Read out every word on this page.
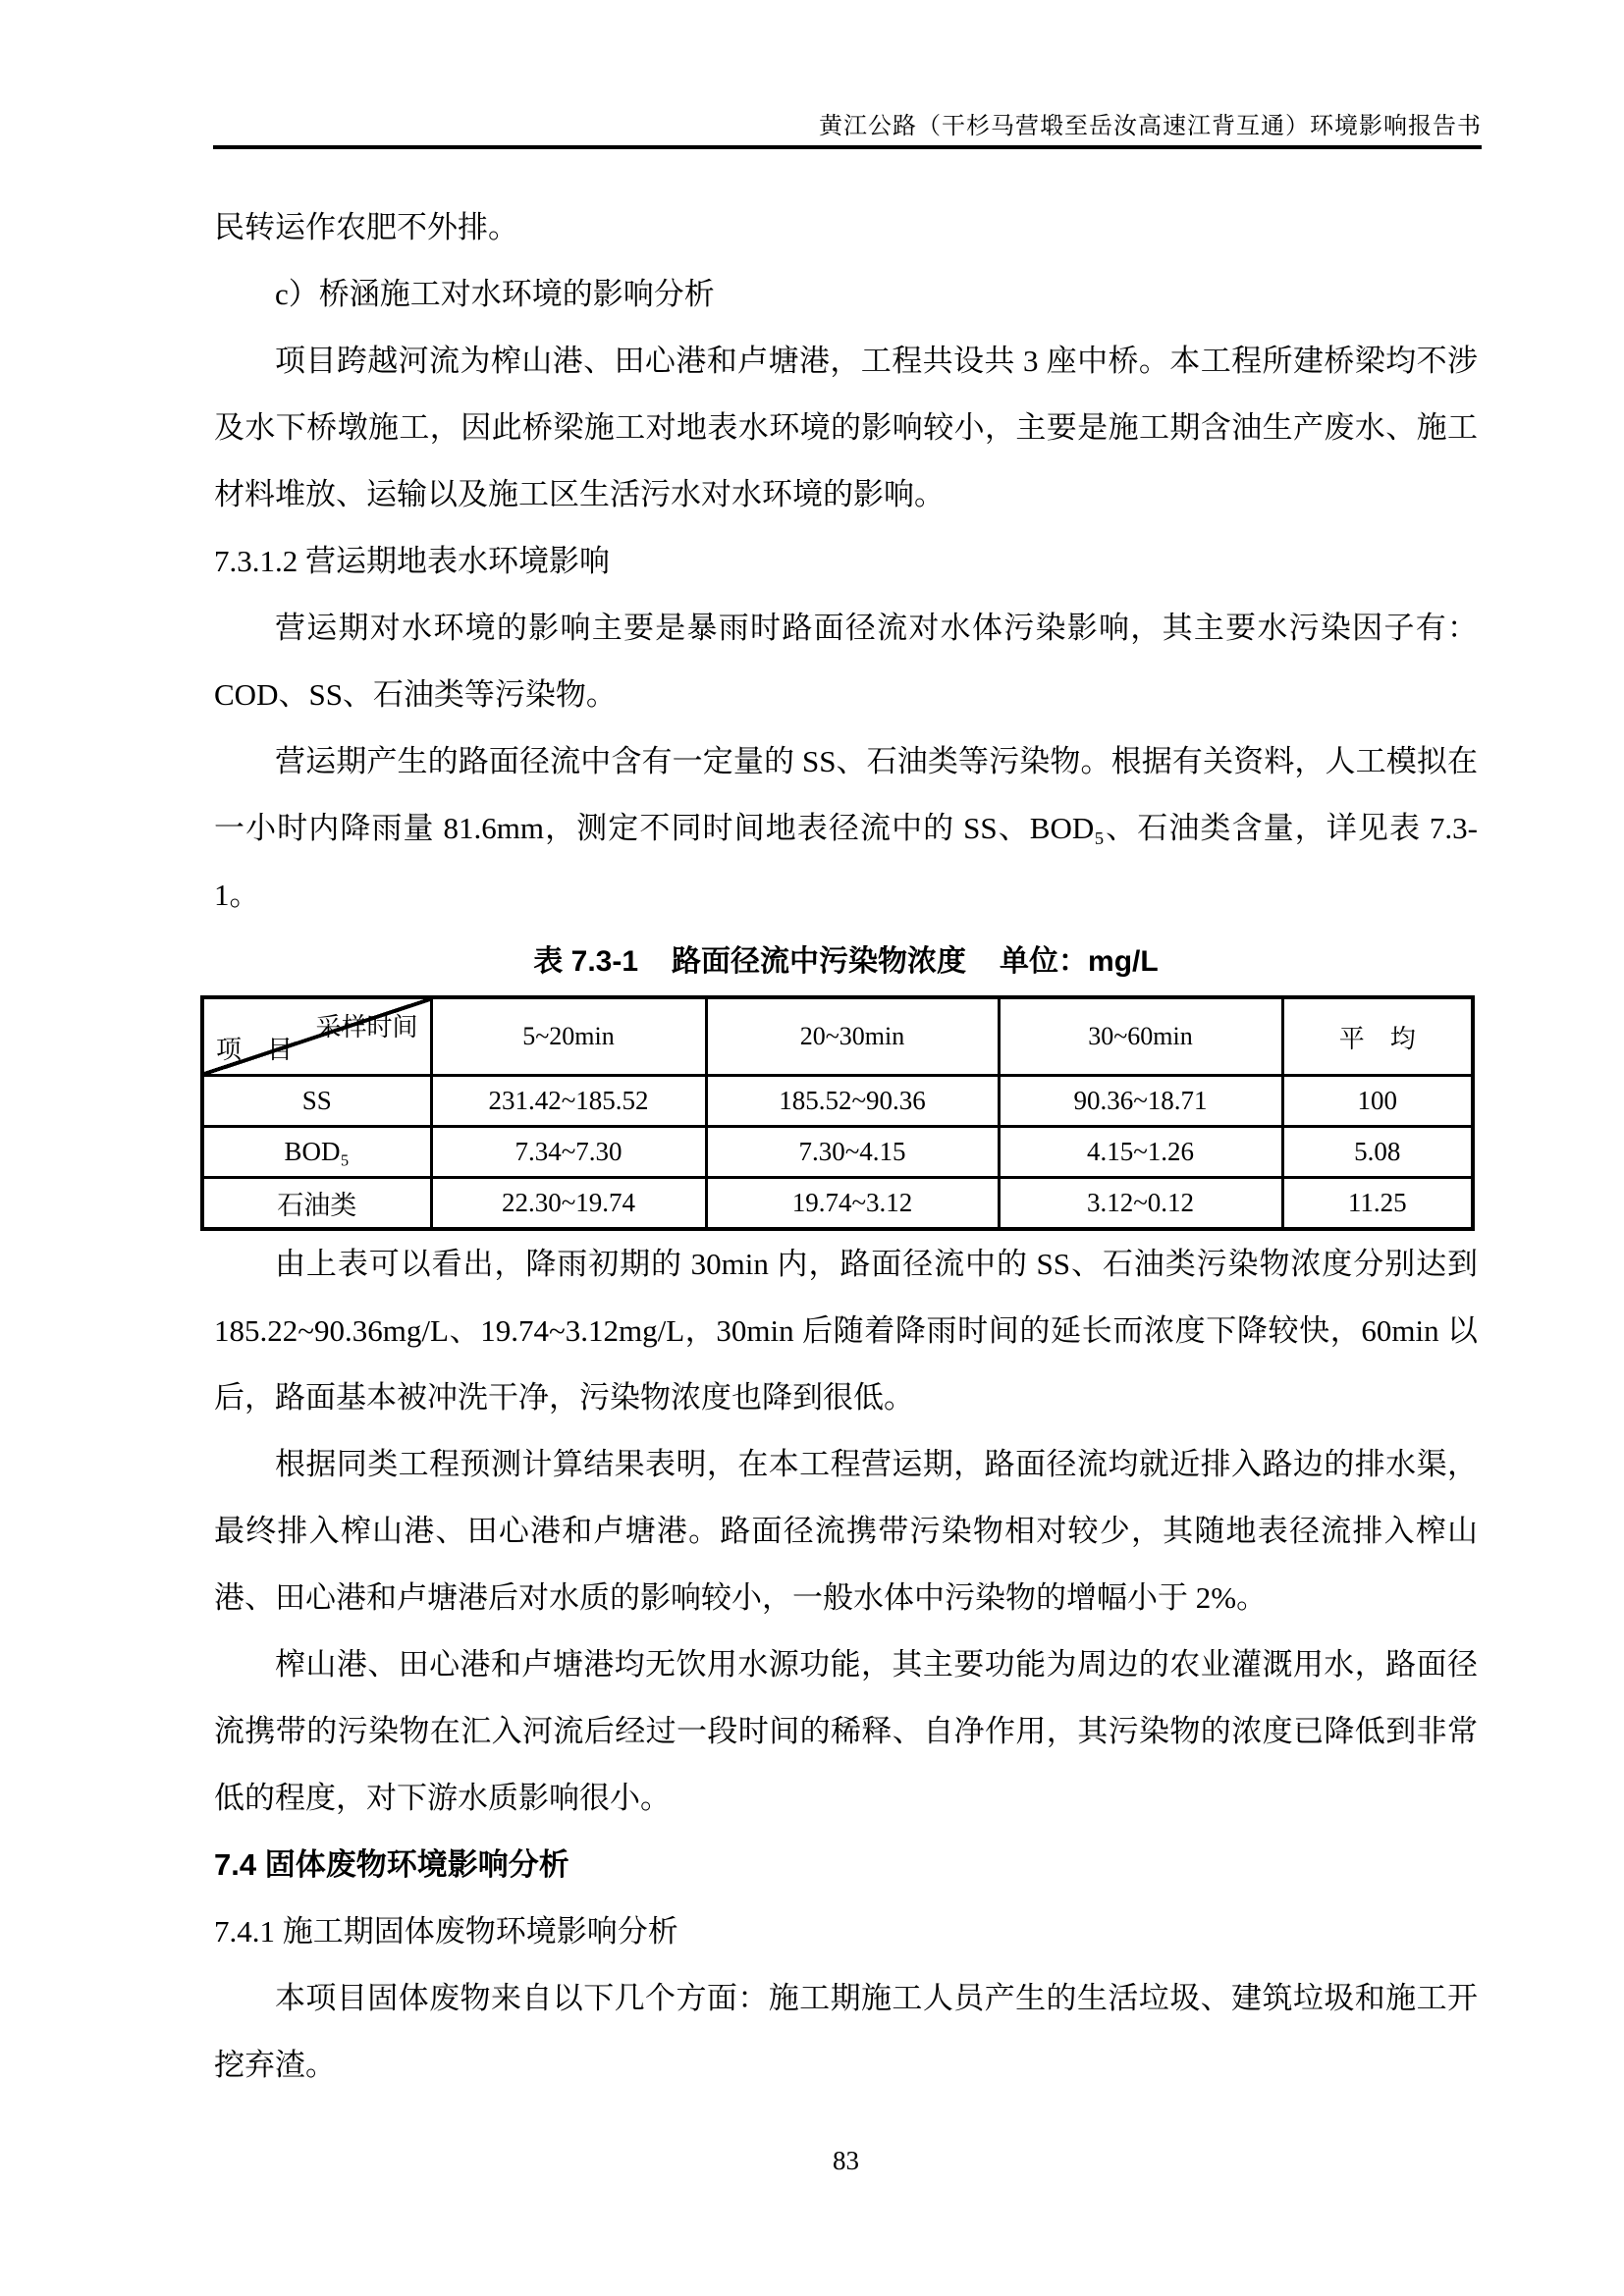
黄江公路（干杉马营塅至岳汝高速江背互通）环境影响报告书

民转运作农肥不外排。

c）桥涵施工对水环境的影响分析

项目跨越河流为榨山港、田心港和卢塘港，工程共设共 3 座中桥。本工程所建桥梁均不涉及水下桥墩施工，因此桥梁施工对地表水环境的影响较小，主要是施工期含油生产废水、施工材料堆放、运输以及施工区生活污水对水环境的影响。

7.3.1.2 营运期地表水环境影响

营运期对水环境的影响主要是暴雨时路面径流对水体污染影响，其主要水污染因子有：COD、SS、石油类等污染物。

营运期产生的路面径流中含有一定量的 SS、石油类等污染物。根据有关资料，人工模拟在一小时内降雨量 81.6mm，测定不同时间地表径流中的 SS、BOD₅、石油类含量，详见表 7.3-1。

表 7.3-1 路面径流中污染物浓度 单位：mg/L

采样时间
项　目	5~20min	20~30min	30~60min	平　均
SS	231.42~185.52	185.52~90.36	90.36~18.71	100
BOD₅	7.34~7.30	7.30~4.15	4.15~1.26	5.08
石油类	22.30~19.74	19.74~3.12	3.12~0.12	11.25

由上表可以看出，降雨初期的 30min 内，路面径流中的 SS、石油类污染物浓度分别达到 185.22~90.36mg/L、19.74~3.12mg/L，30min 后随着降雨时间的延长而浓度下降较快，60min 以后，路面基本被冲洗干净，污染物浓度也降到很低。

根据同类工程预测计算结果表明，在本工程营运期，路面径流均就近排入路边的排水渠，最终排入榨山港、田心港和卢塘港。路面径流携带污染物相对较少，其随地表径流排入榨山港、田心港和卢塘港后对水质的影响较小，一般水体中污染物的增幅小于 2%。

榨山港、田心港和卢塘港均无饮用水源功能，其主要功能为周边的农业灌溉用水，路面径流携带的污染物在汇入河流后经过一段时间的稀释、自净作用，其污染物的浓度已降低到非常低的程度，对下游水质影响很小。

7.4 固体废物环境影响分析

7.4.1 施工期固体废物环境影响分析

本项目固体废物来自以下几个方面：施工期施工人员产生的生活垃圾、建筑垃圾和施工开挖弃渣。

83
